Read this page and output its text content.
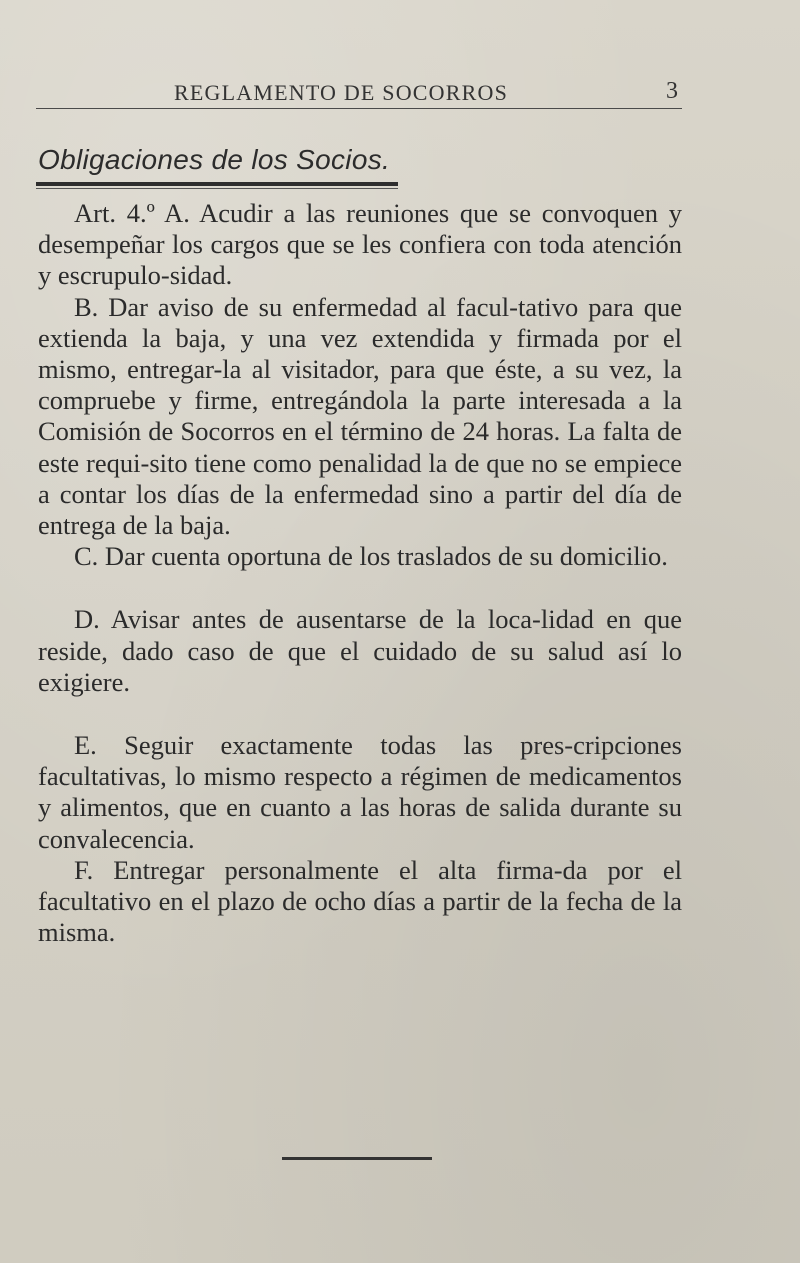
REGLAMENTO DE SOCORROS	3
Obligaciones de los Socios.

Art. 4.º A. Acudir a las reuniones que se convoquen y desempeñar los cargos que se les confiera con toda atención y escrupulo-sidad.

B. Dar aviso de su enfermedad al facul-tativo para que extienda la baja, y una vez extendida y firmada por el mismo, entregar-la al visitador, para que éste, a su vez, la compruebe y firme, entregándola la parte interesada a la Comisión de Socorros en el término de 24 horas. La falta de este requi-sito tiene como penalidad la de que no se empiece a contar los días de la enfermedad sino a partir del día de entrega de la baja.

C. Dar cuenta oportuna de los traslados de su domicilio.

D. Avisar antes de ausentarse de la loca-lidad en que reside, dado caso de que el cuidado de su salud así lo exigiere.

E. Seguir exactamente todas las pres-cripciones facultativas, lo mismo respecto a régimen de medicamentos y alimentos, que en cuanto a las horas de salida durante su convalecencia.

F. Entregar personalmente el alta firma-da por el facultativo en el plazo de ocho días a partir de la fecha de la misma.
